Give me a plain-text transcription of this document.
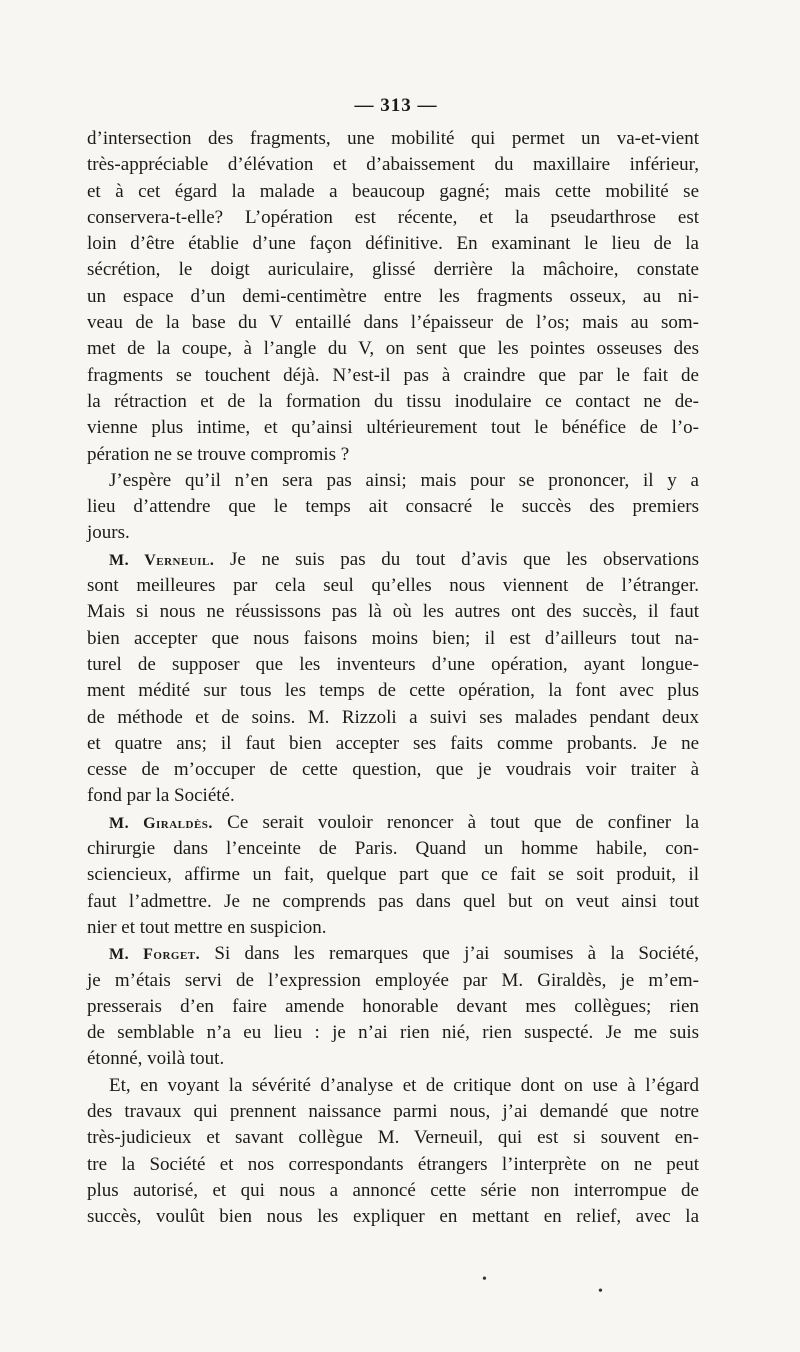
— 313 —

d’intersection des fragments, une mobilité qui permet un va-et-vient
très-appréciable d’élévation et d’abaissement du maxillaire inférieur,
et à cet égard la malade a beaucoup gagné; mais cette mobilité se
conservera-t-elle? L’opération est récente, et la pseudarthrose est
loin d’être établie d’une façon définitive. En examinant le lieu de la
sécrétion, le doigt auriculaire, glissé derrière la mâchoire, constate
un espace d’un demi-centimètre entre les fragments osseux, au ni-
veau de la base du V entaillé dans l’épaisseur de l’os; mais au som-
met de la coupe, à l’angle du V, on sent que les pointes osseuses des
fragments se touchent déjà. N’est-il pas à craindre que par le fait de
la rétraction et de la formation du tissu inodulaire ce contact ne de-
vienne plus intime, et qu’ainsi ultérieurement tout le bénéfice de l’o-
pération ne se trouve compromis ?

J’espère qu’il n’en sera pas ainsi; mais pour se prononcer, il y a
lieu d’attendre que le temps ait consacré le succès des premiers
jours.

M. Verneuil. Je ne suis pas du tout d’avis que les observations
sont meilleures par cela seul qu’elles nous viennent de l’étranger.
Mais si nous ne réussissons pas là où les autres ont des succès, il faut
bien accepter que nous faisons moins bien; il est d’ailleurs tout na-
turel de supposer que les inventeurs d’une opération, ayant longue-
ment médité sur tous les temps de cette opération, la font avec plus
de méthode et de soins. M. Rizzoli a suivi ses malades pendant deux
et quatre ans; il faut bien accepter ses faits comme probants. Je ne
cesse de m’occuper de cette question, que je voudrais voir traiter à
fond par la Société.

M. Giraldès. Ce serait vouloir renoncer à tout que de confiner la
chirurgie dans l’enceinte de Paris. Quand un homme habile, con-
sciencieux, affirme un fait, quelque part que ce fait se soit produit, il
faut l’admettre. Je ne comprends pas dans quel but on veut ainsi tout
nier et tout mettre en suspicion.

M. Forget. Si dans les remarques que j’ai soumises à la Société,
je m’étais servi de l’expression employée par M. Giraldès, je m’em-
presserais d’en faire amende honorable devant mes collègues; rien
de semblable n’a eu lieu : je n’ai rien nié, rien suspecté. Je me suis
étonné, voilà tout.

Et, en voyant la sévérité d’analyse et de critique dont on use à l’égard
des travaux qui prennent naissance parmi nous, j’ai demandé que notre
très-judicieux et savant collègue M. Verneuil, qui est si souvent en-
tre la Société et nos correspondants étrangers l’interprète on ne peut
plus autorisé, et qui nous a annoncé cette série non interrompue de
succès, voulût bien nous les expliquer en mettant en relief, avec la

•
•
